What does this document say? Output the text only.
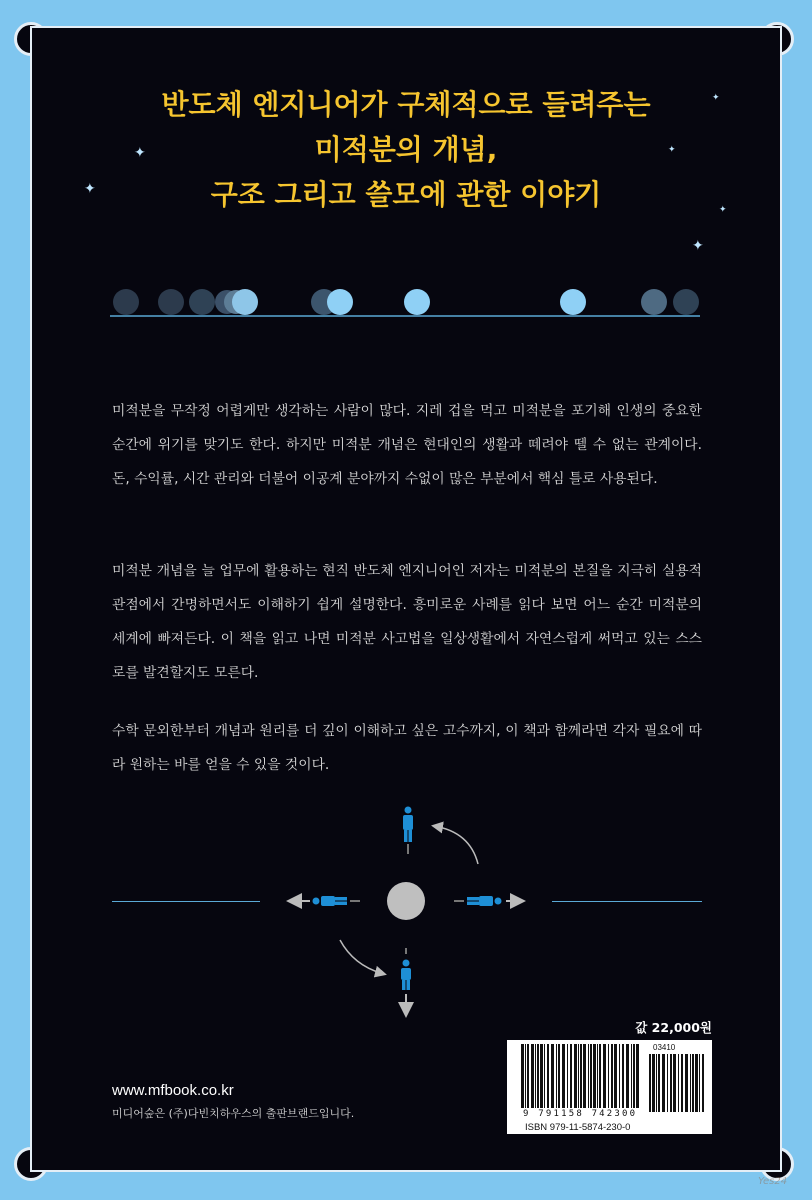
✦
✦
✦
✦
✦
✦
반도체 엔지니어가 구체적으로 들려주는
미적분의 개념,
구조 그리고 쓸모에 관한 이야기

미적분을 무작정 어렵게만 생각하는 사람이 많다. 지레 겁을 먹고 미적분을 포기해 인생의 중요한 순간에 위기를 맞기도 한다. 하지만 미적분 개념은 현대인의 생활과 떼려야 뗄 수 없는 관계이다. 돈, 수익률, 시간 관리와 더불어 이공계 분야까지 수없이 많은 부분에서 핵심 틀로 사용된다.

미적분 개념을 늘 업무에 활용하는 현직 반도체 엔지니어인 저자는 미적분의 본질을 지극히 실용적 관점에서 간명하면서도 이해하기 쉽게 설명한다. 흥미로운 사례를 읽다 보면 어느 순간 미적분의 세계에 빠져든다. 이 책을 읽고 나면 미적분 사고법을 일상생활에서 자연스럽게 써먹고 있는 스스로를 발견할지도 모른다.

수학 문외한부터 개념과 원리를 더 깊이 이해하고 싶은 고수까지, 이 책과 함께라면 각자 필요에 따라 원하는 바를 얻을 수 있을 것이다.

값 22,000원
03410
9 791158 742300
ISBN 979-11-5874-230-0
www.mfbook.co.kr
미디어숲은 (주)다빈치하우스의 출판브랜드입니다.
Yes24
